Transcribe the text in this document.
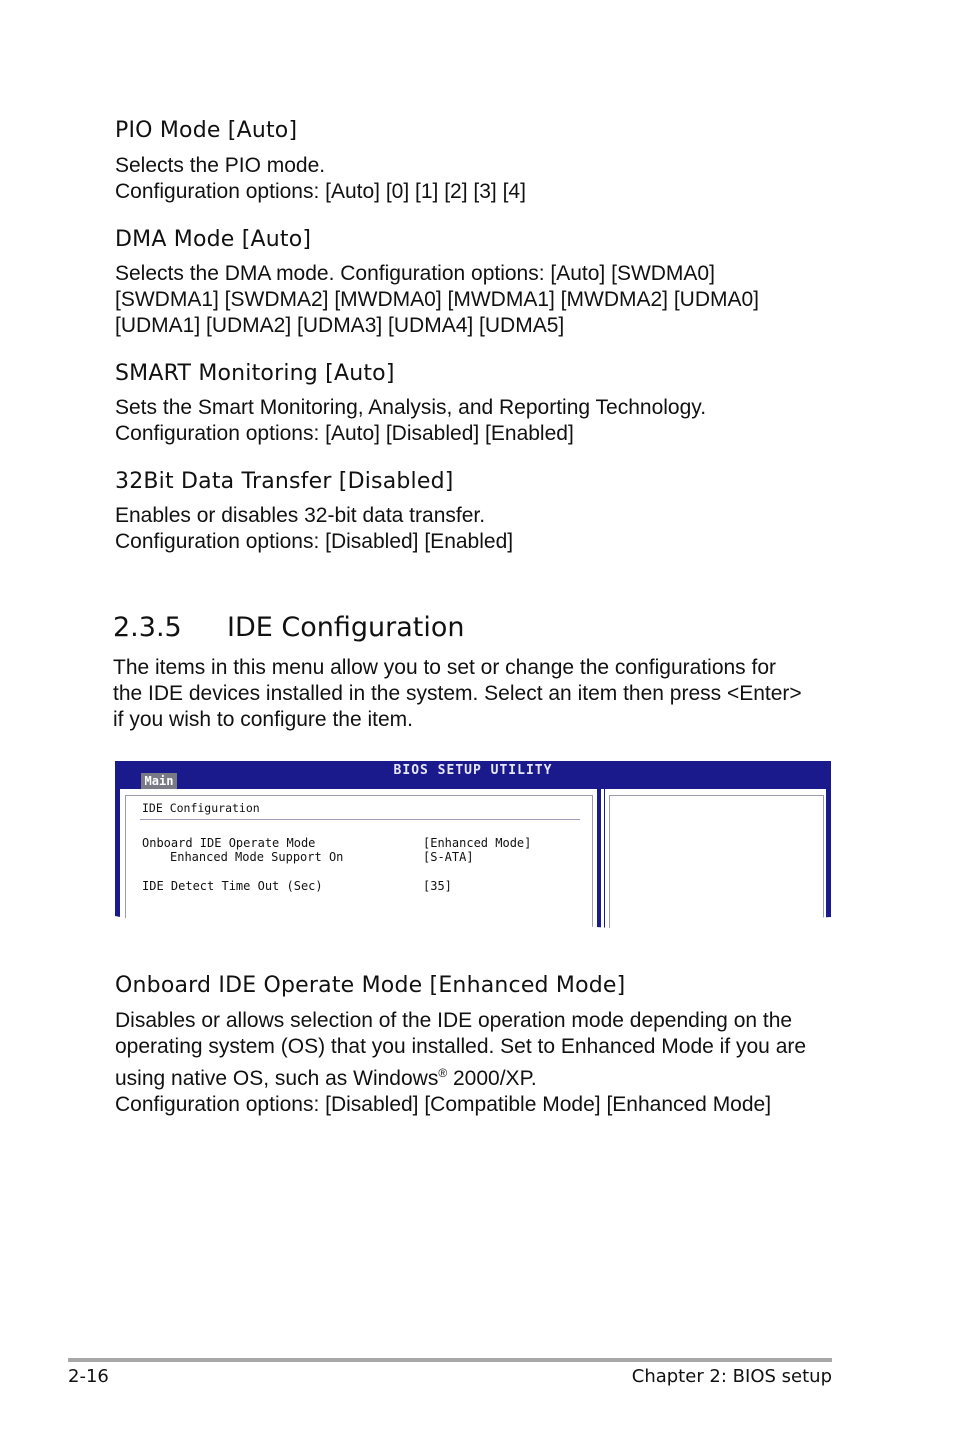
PIO Mode [Auto]
Selects the PIO mode.
Configuration options: [Auto] [0] [1] [2] [3] [4]
DMA Mode [Auto]
Selects the DMA mode. Configuration options: [Auto] [SWDMA0]
[SWDMA1] [SWDMA2] [MWDMA0] [MWDMA1] [MWDMA2] [UDMA0]
[UDMA1] [UDMA2] [UDMA3] [UDMA4] [UDMA5]
SMART Monitoring [Auto]
Sets the Smart Monitoring, Analysis, and Reporting Technology.
Configuration options: [Auto] [Disabled] [Enabled]
32Bit Data Transfer [Disabled]
Enables or disables 32-bit data transfer.
Configuration options: [Disabled] [Enabled]
2.3.5 IDE Configuration
The items in this menu allow you to set or change the configurations for
the IDE devices installed in the system. Select an item then press <Enter>
if you wish to configure the item.
BIOS SETUP UTILITY
Main
IDE Configuration
Onboard IDE Operate Mode	[Enhanced Mode]
Enhanced Mode Support On	[S-ATA]
IDE Detect Time Out (Sec)	[35]
Onboard IDE Operate Mode [Enhanced Mode]
Disables or allows selection of the IDE operation mode depending on the
operating system (OS) that you installed. Set to Enhanced Mode if you are
using native OS, such as Windows® 2000/XP.
Configuration options: [Disabled] [Compatible Mode] [Enhanced Mode]
2-16	Chapter 2: BIOS setup
